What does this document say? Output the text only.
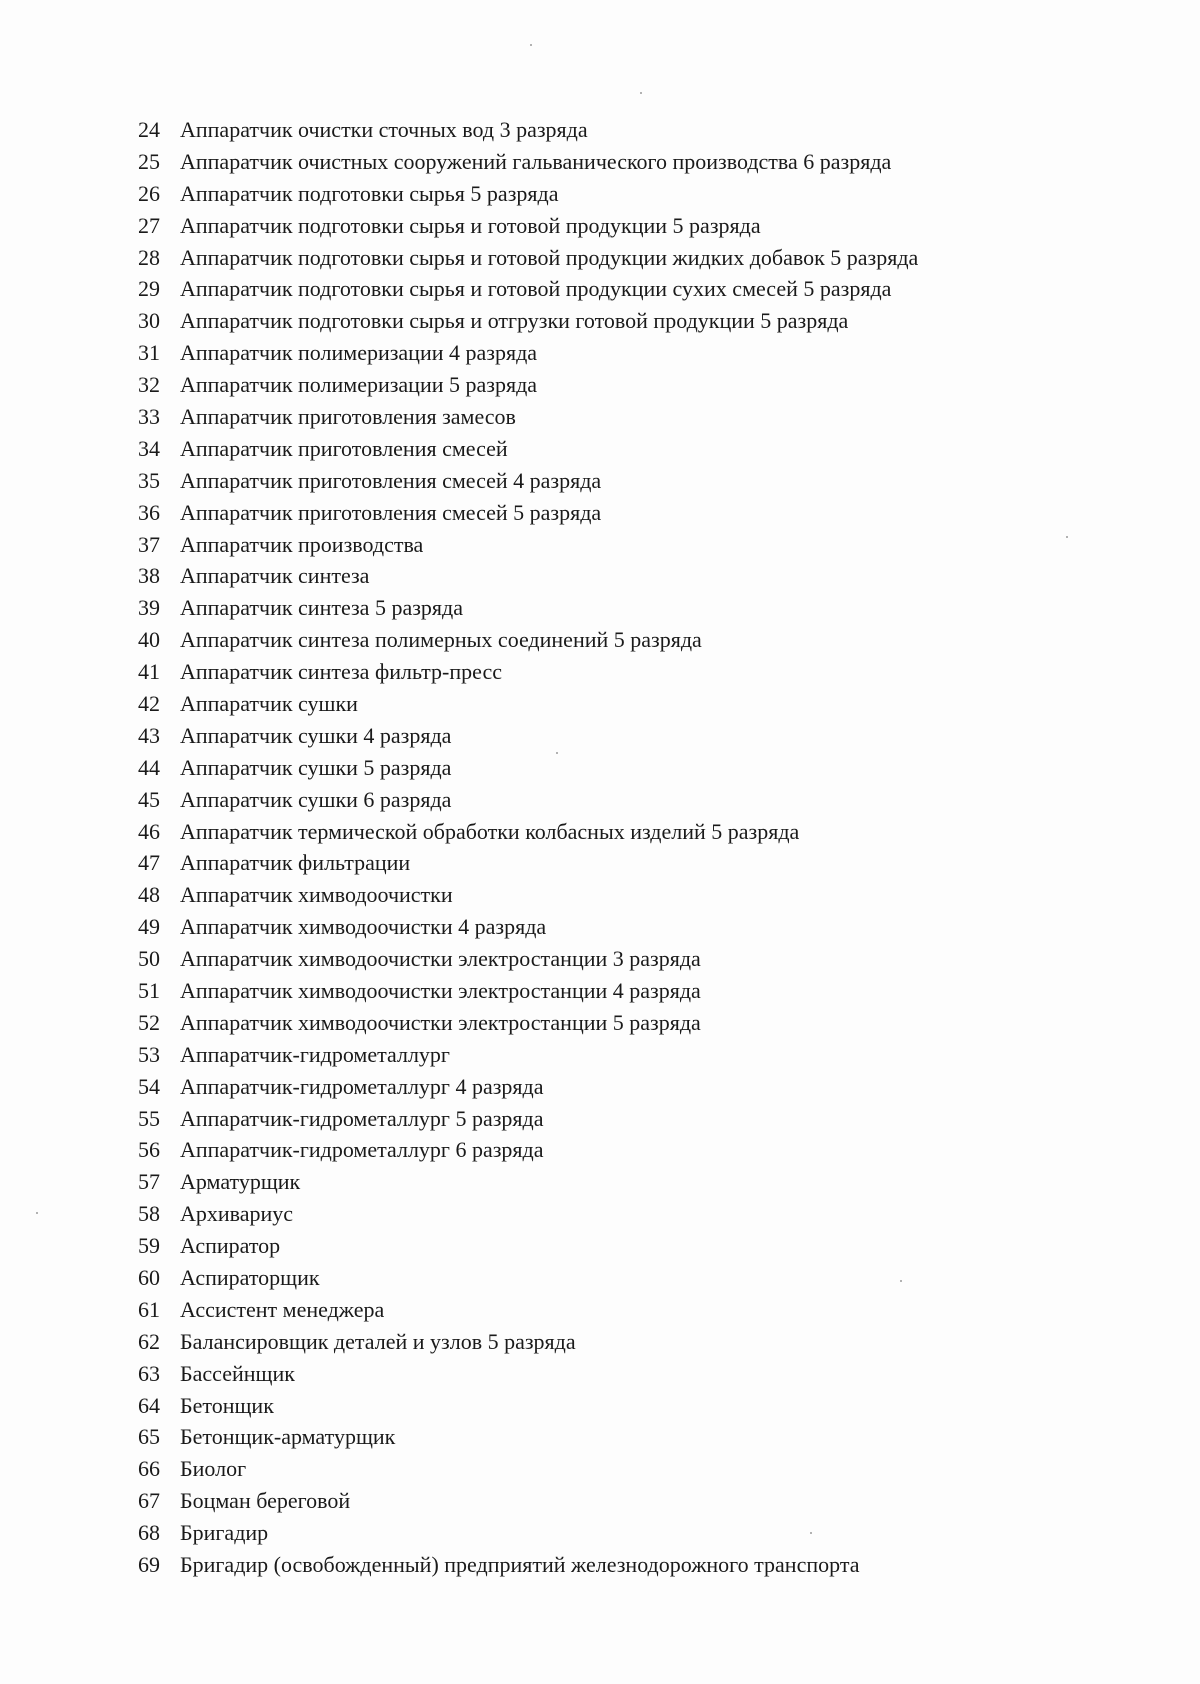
24 Аппаратчик очистки сточных вод 3 разряда
25 Аппаратчик очистных сооружений гальванического производства 6 разряда
26 Аппаратчик подготовки сырья 5 разряда
27 Аппаратчик подготовки сырья и готовой продукции 5 разряда
28 Аппаратчик подготовки сырья и готовой продукции жидких добавок 5 разряда
29 Аппаратчик подготовки сырья и готовой продукции сухих смесей 5 разряда
30 Аппаратчик подготовки сырья и отгрузки готовой продукции 5 разряда
31 Аппаратчик полимеризации 4 разряда
32 Аппаратчик полимеризации 5 разряда
33 Аппаратчик приготовления замесов
34 Аппаратчик приготовления смесей
35 Аппаратчик приготовления смесей 4 разряда
36 Аппаратчик приготовления смесей 5 разряда
37 Аппаратчик производства
38 Аппаратчик синтеза
39 Аппаратчик синтеза 5 разряда
40 Аппаратчик синтеза полимерных соединений 5 разряда
41 Аппаратчик синтеза фильтр-пресс
42 Аппаратчик сушки
43 Аппаратчик сушки 4 разряда
44 Аппаратчик сушки 5 разряда
45 Аппаратчик сушки 6 разряда
46 Аппаратчик термической обработки колбасных изделий 5 разряда
47 Аппаратчик фильтрации
48 Аппаратчик химводоочистки
49 Аппаратчик химводоочистки 4 разряда
50 Аппаратчик химводоочистки электростанции 3 разряда
51 Аппаратчик химводоочистки электростанции 4 разряда
52 Аппаратчик химводоочистки электростанции 5 разряда
53 Аппаратчик-гидрометаллург
54 Аппаратчик-гидрометаллург 4 разряда
55 Аппаратчик-гидрометаллург 5 разряда
56 Аппаратчик-гидрометаллург 6 разряда
57 Арматурщик
58 Архивариус
59 Аспиратор
60 Аспираторщик
61 Ассистент менеджера
62 Балансировщик деталей и узлов 5 разряда
63 Бассейнщик
64 Бетонщик
65 Бетонщик-арматурщик
66 Биолог
67 Боцман береговой
68 Бригадир
69 Бригадир (освобожденный) предприятий железнодорожного транспорта
